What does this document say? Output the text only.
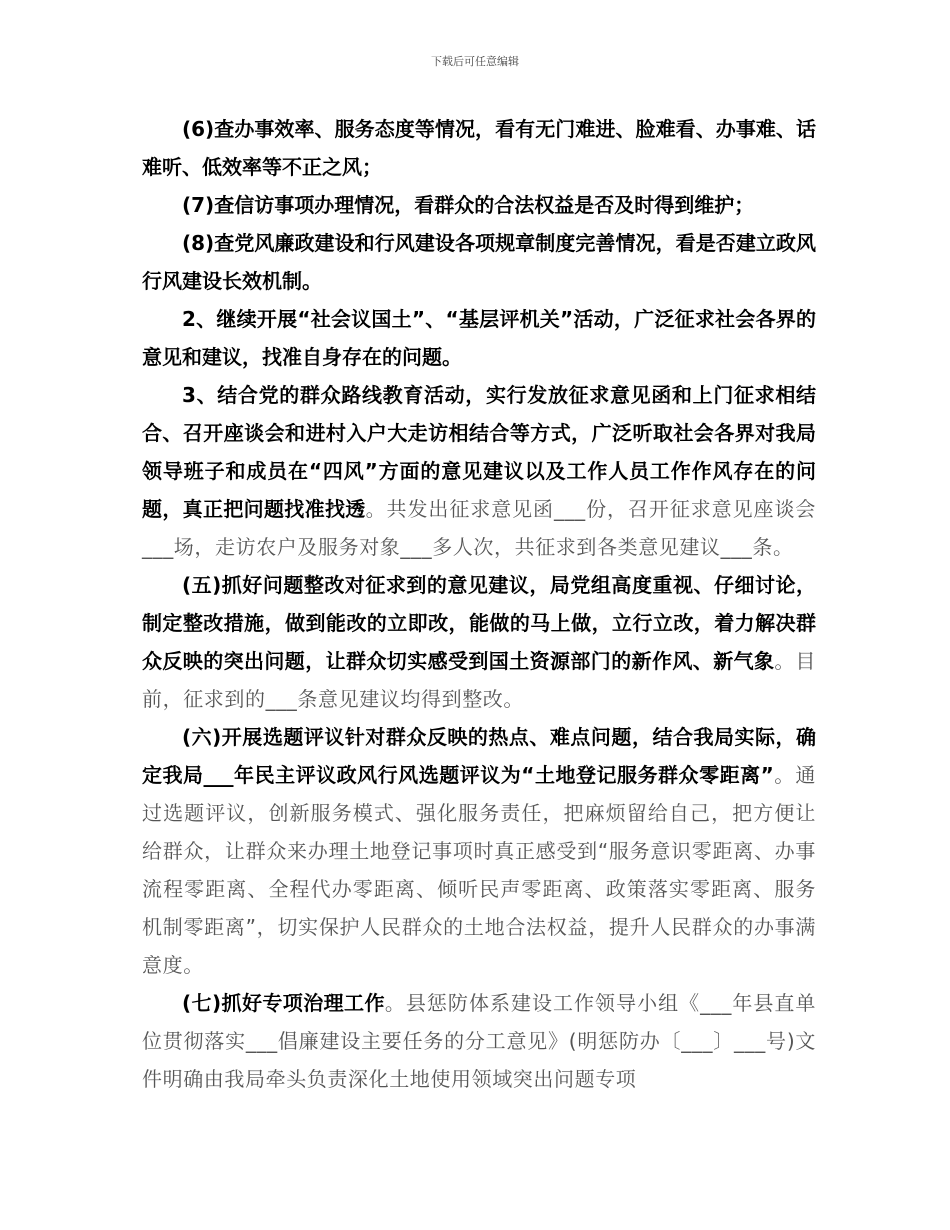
下载后可任意编辑

(6)查办事效率、服务态度等情况，看有无门难进、脸难看、办事难、话难听、低效率等不正之风；

(7)查信访事项办理情况，看群众的合法权益是否及时得到维护；

(8)查党风廉政建设和行风建设各项规章制度完善情况，看是否建立政风行风建设长效机制。

2、继续开展“社会议国土”、“基层评机关”活动，广泛征求社会各界的意见和建议，找准自身存在的问题。

3、结合党的群众路线教育活动，实行发放征求意见函和上门征求相结合、召开座谈会和进村入户大走访相结合等方式，广泛听取社会各界对我局领导班子和成员在“四风”方面的意见建议以及工作人员工作作风存在的问题，真正把问题找准找透。共发出征求意见函___份，召开征求意见座谈会___场，走访农户及服务对象___多人次，共征求到各类意见建议___条。

(五)抓好问题整改对征求到的意见建议，局党组高度重视、仔细讨论，制定整改措施，做到能改的立即改，能做的马上做，立行立改，着力解决群众反映的突出问题，让群众切实感受到国土资源部门的新作风、新气象。目前，征求到的___条意见建议均得到整改。

(六)开展选题评议针对群众反映的热点、难点问题，结合我局实际，确定我局___年民主评议政风行风选题评议为“土地登记服务群众零距离”。通过选题评议，创新服务模式、强化服务责任，把麻烦留给自己，把方便让给群众，让群众来办理土地登记事项时真正感受到“服务意识零距离、办事流程零距离、全程代办零距离、倾听民声零距离、政策落实零距离、服务机制零距离”，切实保护人民群众的土地合法权益，提升人民群众的办事满意度。

(七)抓好专项治理工作。县惩防体系建设工作领导小组《___年县直单位贯彻落实___倡廉建设主要任务的分工意见》(明惩防办〔___〕___号)文件明确由我局牵头负责深化土地使用领域突出问题专项
